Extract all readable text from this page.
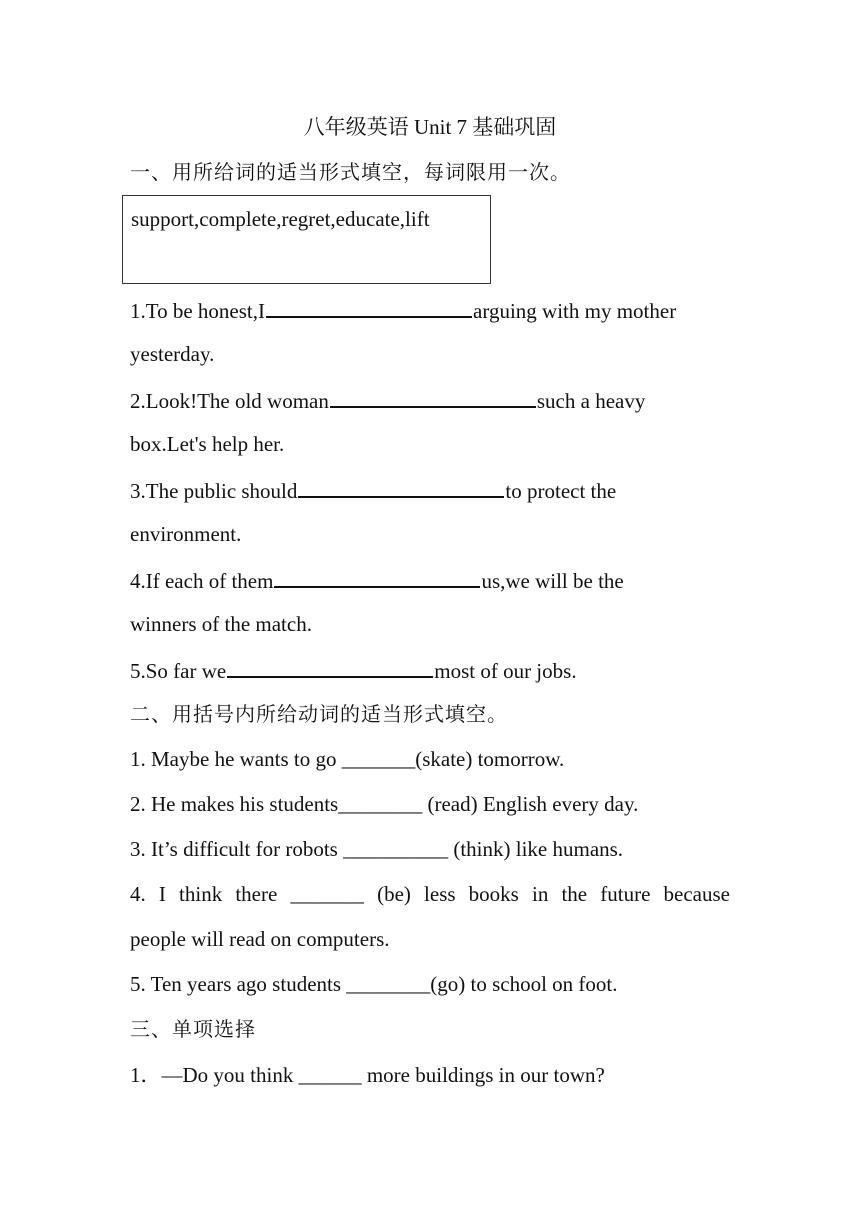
八年级英语 Unit 7 基础巩固
一、用所给词的适当形式填空，每词限用一次。
support,complete,regret,educate,lift
1.To be honest,I	arguing with my mother
yesterday.
2.Look!The old woman	such a heavy
box.Let's help her.
3.The public should	to protect the
environment.
4.If each of them	us,we will be the
winners of the match.
5.So far we	most of our jobs.
二、用括号内所给动词的适当形式填空。
1. Maybe he wants to go _______(skate) tomorrow.
2. He makes his students________ (read) English every day.
3. It’s difficult for robots __________ (think) like humans.
4. I think there _______ (be) less books in the future because
people will read on computers.
5. Ten years ago students ________(go) to school on foot.
三、单项选择
1．—Do you think ______ more buildings in our town?
